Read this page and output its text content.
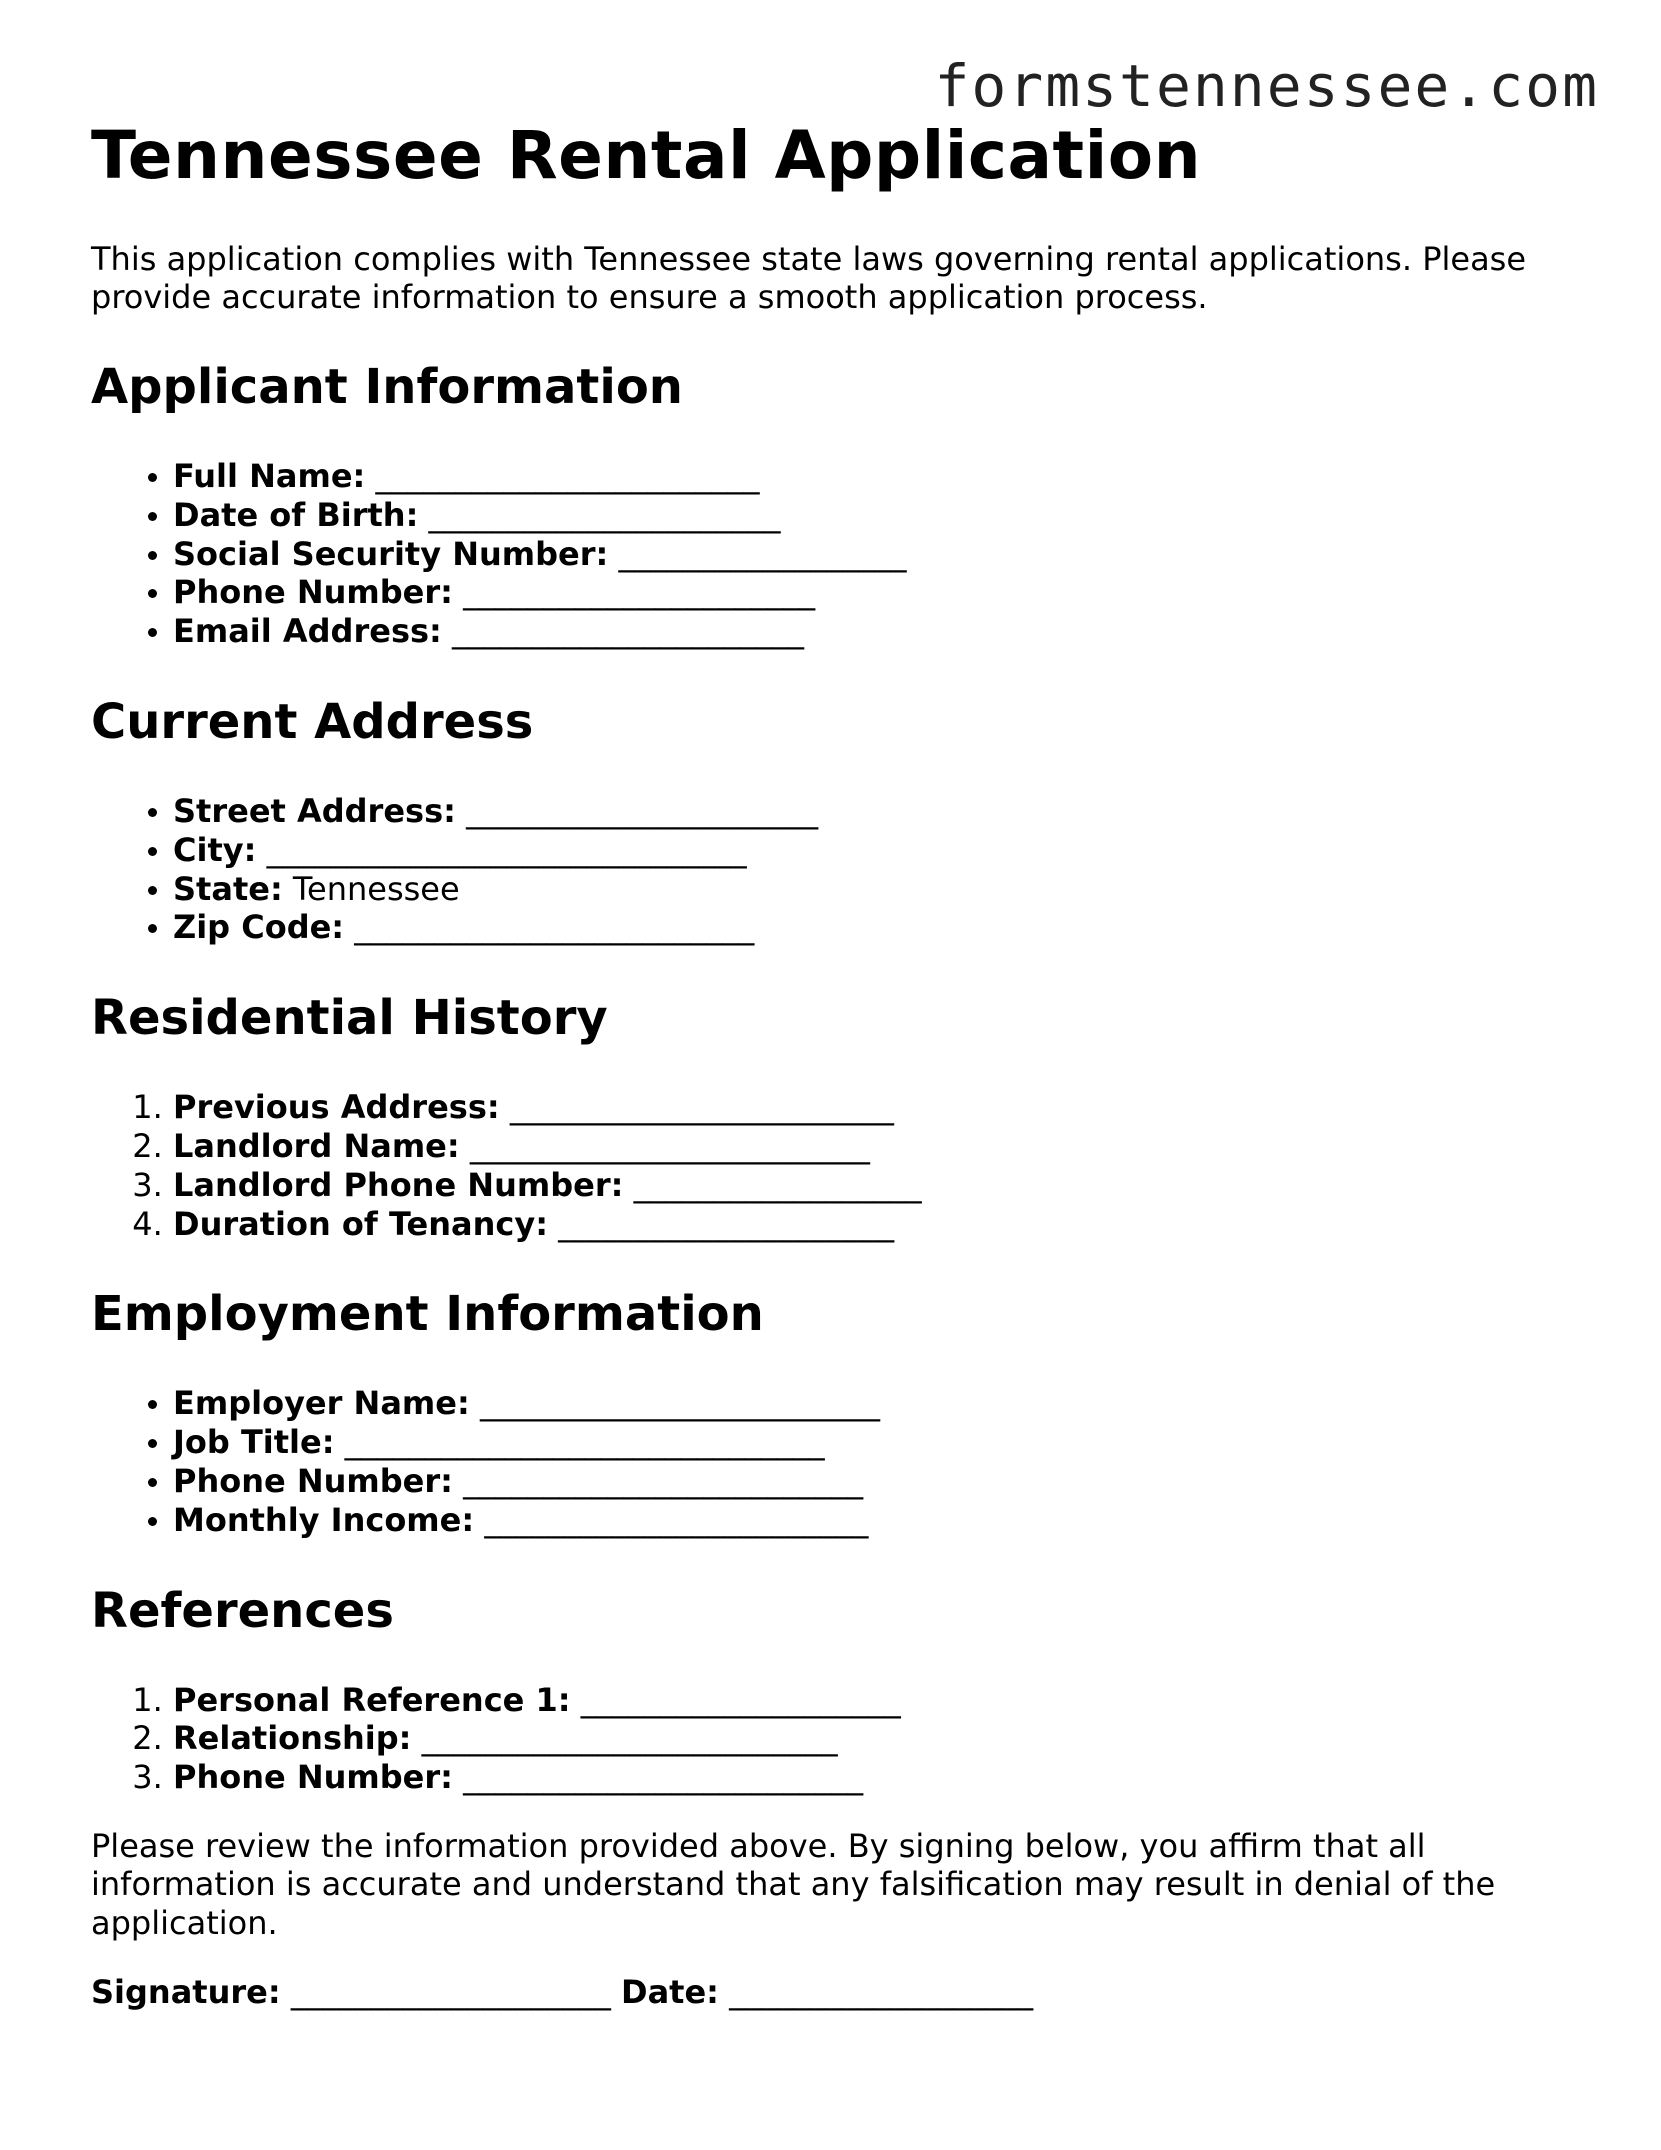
formstennessee.com
Tennessee Rental Application

This application complies with Tennessee state laws governing rental applications. Please provide accurate information to ensure a smooth application process.

Applicant Information
• Full Name: ________________________
• Date of Birth: ______________________
• Social Security Number: __________________
• Phone Number: ______________________
• Email Address: ______________________
Current Address
• Street Address: ______________________
• City: ______________________________
• State: Tennessee
• Zip Code: _________________________
Residential History
1. Previous Address: ________________________
2. Landlord Name: _________________________
3. Landlord Phone Number: __________________
4. Duration of Tenancy: _____________________
Employment Information
• Employer Name: _________________________
• Job Title: ______________________________
• Phone Number: _________________________
• Monthly Income: ________________________
References
1. Personal Reference 1: ____________________
2. Relationship: __________________________
3. Phone Number: _________________________

Please review the information provided above. By signing below, you affirm that all information is accurate and understand that any falsification may result in denial of the application.

Signature: ____________________ Date: ___________________
